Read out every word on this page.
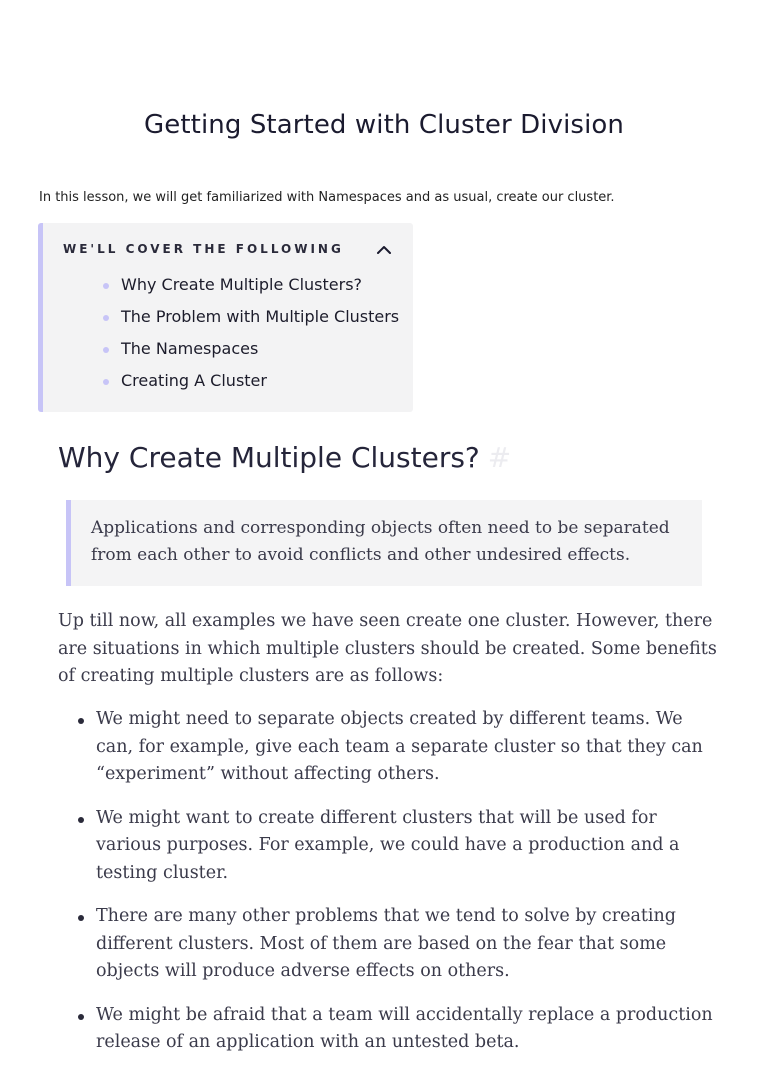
Getting Started with Cluster Division

In this lesson, we will get familiarized with Namespaces and as usual, create our cluster.

WE'LL COVER THE FOLLOWING
Why Create Multiple Clusters?
The Problem with Multiple Clusters
The Namespaces
Creating A Cluster
Why Create Multiple Clusters? #
Applications and corresponding objects often need to be separated from each other to avoid conflicts and other undesired effects.

Up till now, all examples we have seen create one cluster. However, there are situations in which multiple clusters should be created. Some benefits of creating multiple clusters are as follows:

We might need to separate objects created by different teams. We can, for example, give each team a separate cluster so that they can “experiment” without affecting others.
We might want to create different clusters that will be used for various purposes. For example, we could have a production and a testing cluster.
There are many other problems that we tend to solve by creating different clusters. Most of them are based on the fear that some objects will produce adverse effects on others.
We might be afraid that a team will accidentally replace a production release of an application with an untested beta.
